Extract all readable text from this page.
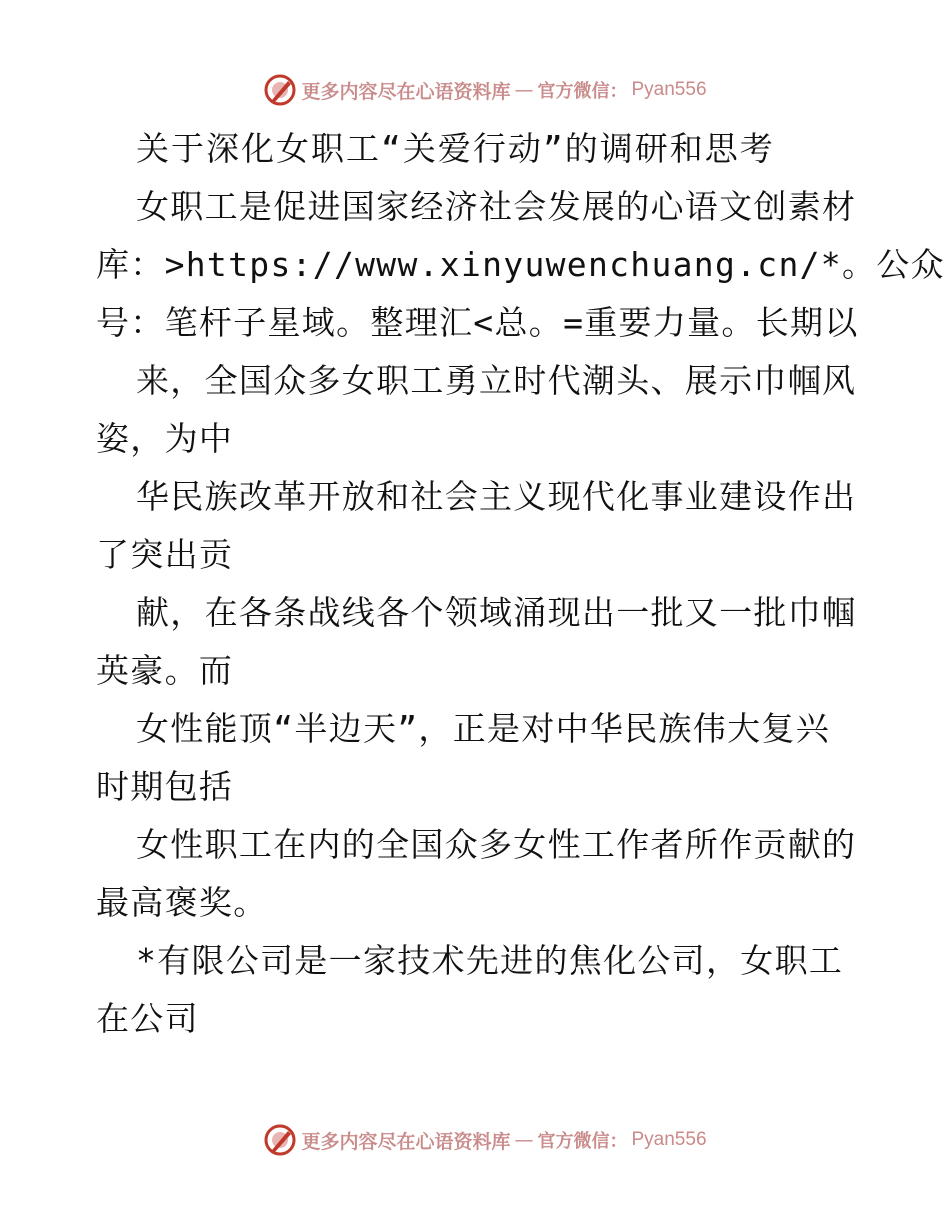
更多内容尽在心语资料库 — 官方微信： Pyan556
关于深化女职工“关爱行动”的调研和思考
女职工是促进国家经济社会发展的心语文创素材
库：>https://www.xinyuwenchuang.cn/*。公众
号：笔杆子星域。整理汇<总。=重要力量。长期以
来，全国众多女职工勇立时代潮头、展示巾帼风
姿，为中
华民族改革开放和社会主义现代化事业建设作出
了突出贡
献，在各条战线各个领域涌现出一批又一批巾帼
英豪。而
女性能顶“半边天”，正是对中华民族伟大复兴
时期包括
女性职工在内的全国众多女性工作者所作贡献的
最高褒奖。
*有限公司是一家技术先进的焦化公司，女职工
在公司
更多内容尽在心语资料库 — 官方微信： Pyan556
